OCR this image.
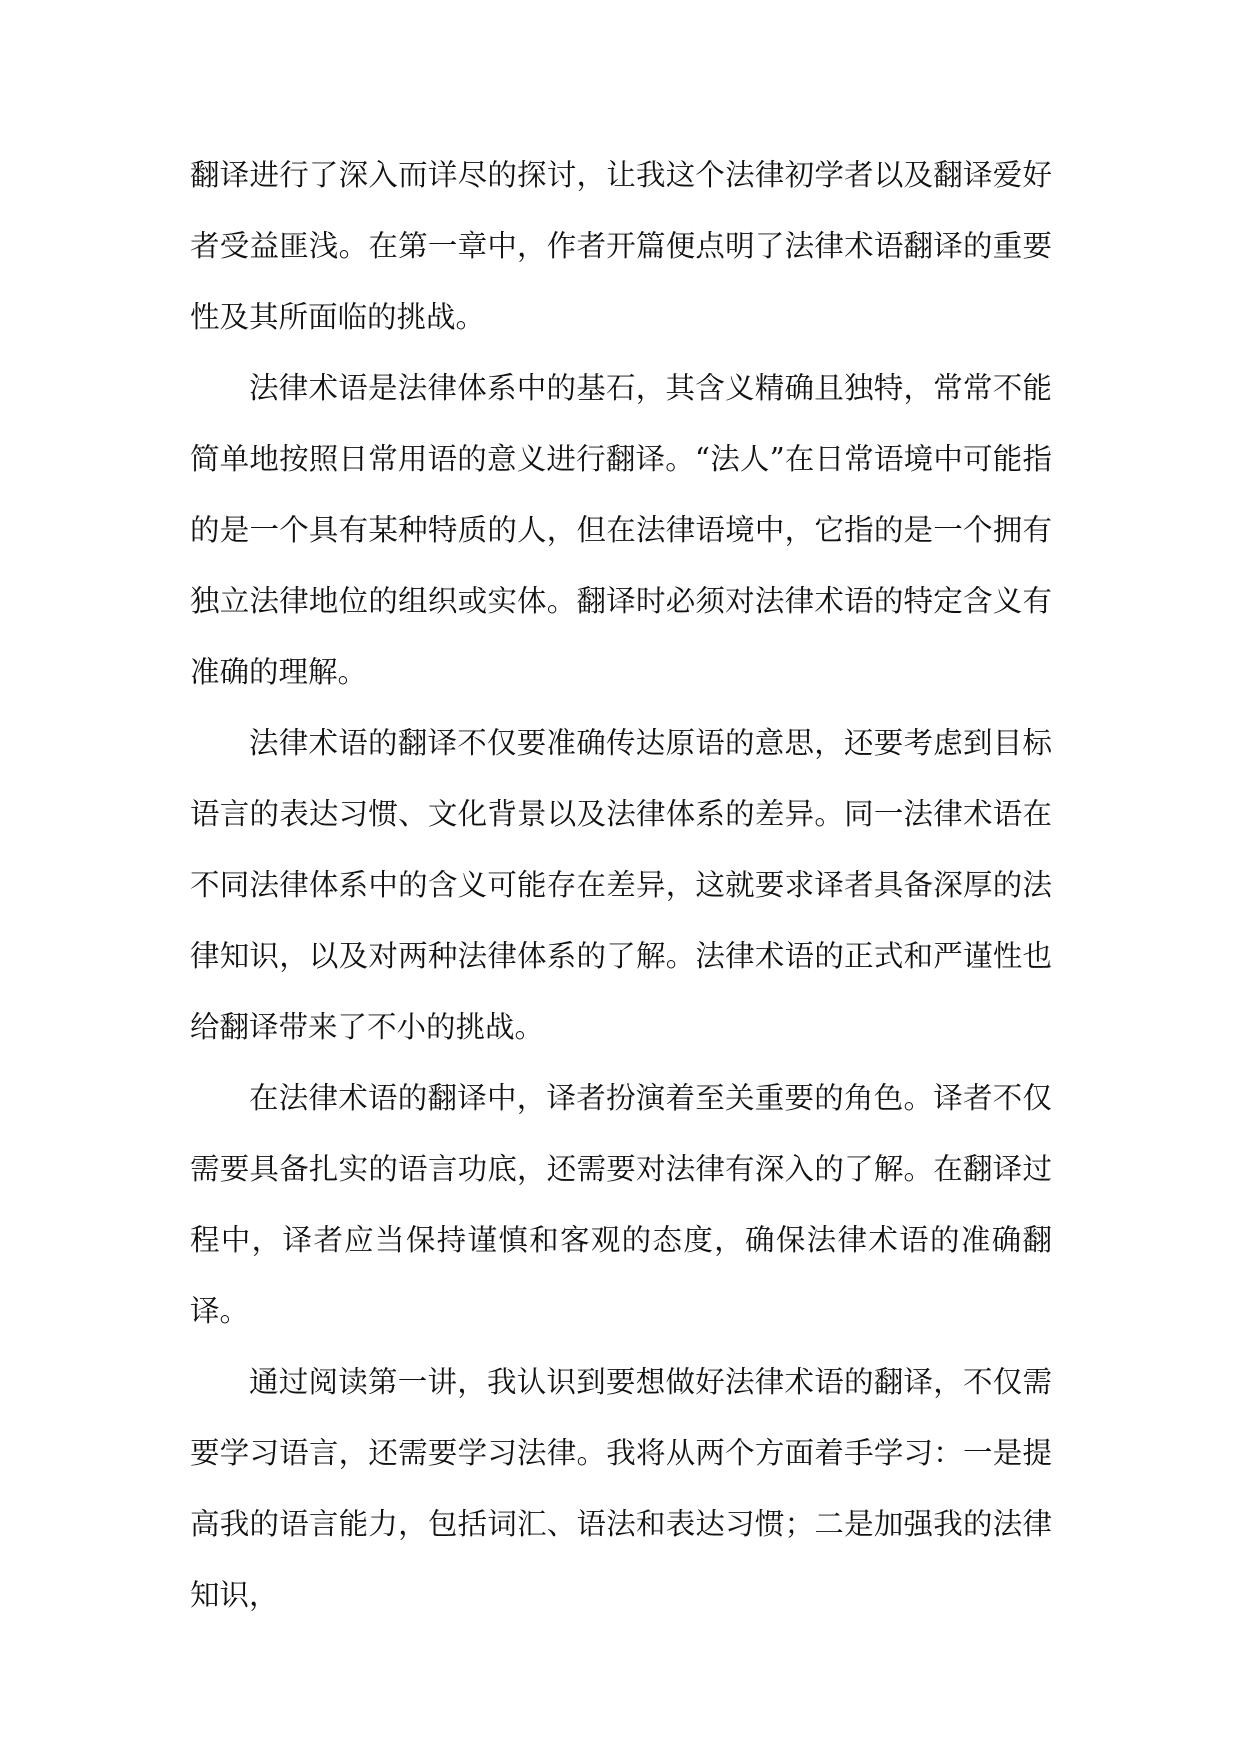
翻译进行了深入而详尽的探讨，让我这个法律初学者以及翻译爱好者受益匪浅。在第一章中，作者开篇便点明了法律术语翻译的重要性及其所面临的挑战。

法律术语是法律体系中的基石，其含义精确且独特，常常不能简单地按照日常用语的意义进行翻译。“法人”在日常语境中可能指的是一个具有某种特质的人，但在法律语境中，它指的是一个拥有独立法律地位的组织或实体。翻译时必须对法律术语的特定含义有准确的理解。

法律术语的翻译不仅要准确传达原语的意思，还要考虑到目标语言的表达习惯、文化背景以及法律体系的差异。同一法律术语在不同法律体系中的含义可能存在差异，这就要求译者具备深厚的法律知识，以及对两种法律体系的了解。法律术语的正式和严谨性也给翻译带来了不小的挑战。

在法律术语的翻译中，译者扮演着至关重要的角色。译者不仅需要具备扎实的语言功底，还需要对法律有深入的了解。在翻译过程中，译者应当保持谨慎和客观的态度，确保法律术语的准确翻译。

通过阅读第一讲，我认识到要想做好法律术语的翻译，不仅需要学习语言，还需要学习法律。我将从两个方面着手学习：一是提高我的语言能力，包括词汇、语法和表达习惯；二是加强我的法律知识，
